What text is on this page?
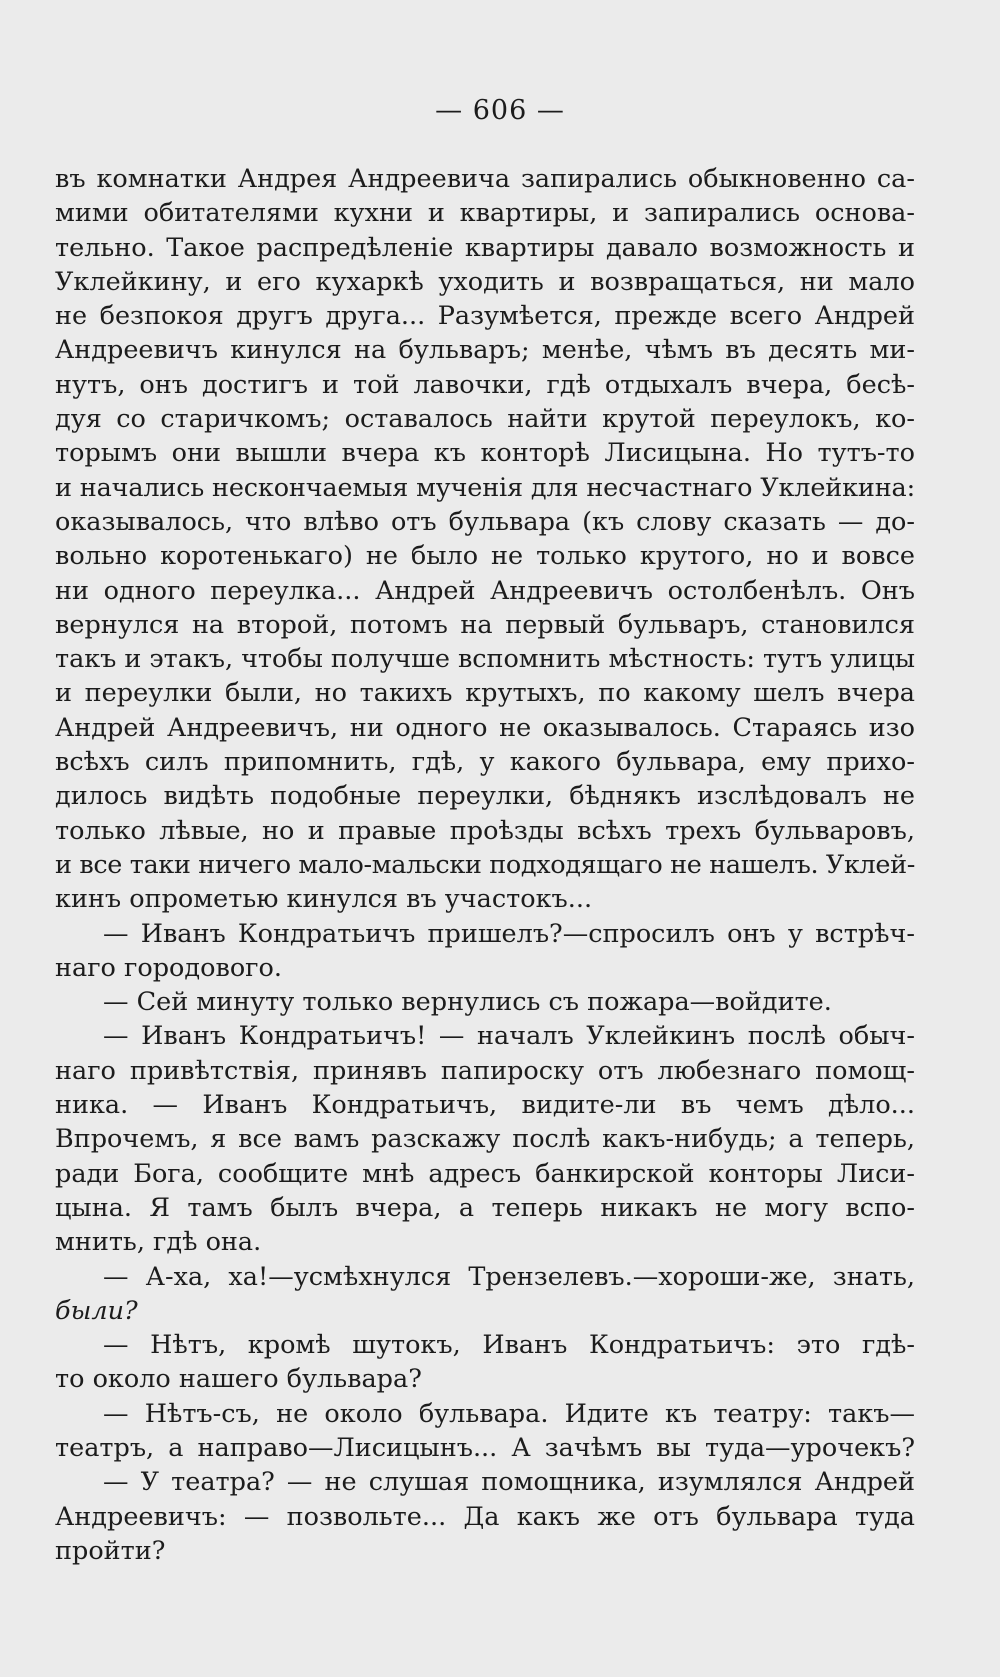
— 606 —
въ комнатки Андрея Андреевича запирались обыкновенно са-
мими обитателями кухни и квартиры, и запирались основа-
тельно. Такое распредѣленіе квартиры давало возможность и
Уклейкину, и его кухаркѣ уходить и возвращаться, ни мало
не безпокоя другъ друга... Разумѣется, прежде всего Андрей
Андреевичъ кинулся на бульваръ; менѣе, чѣмъ въ десять ми-
нутъ, онъ достигъ и той лавочки, гдѣ отдыхалъ вчера, бесѣ-
дуя со старичкомъ; оставалось найти крутой переулокъ, ко-
торымъ они вышли вчера къ конторѣ Лисицына. Но тутъ-то
и начались нескончаемыя мученія для несчастнаго Уклейкина:
оказывалось, что влѣво отъ бульвара (къ слову сказать — до-
вольно коротенькаго) не было не только крутого, но и вовсе
ни одного переулка... Андрей Андреевичъ остолбенѣлъ. Онъ
вернулся на второй, потомъ на первый бульваръ, становился
такъ и этакъ, чтобы получше вспомнить мѣстность: тутъ улицы
и переулки были, но такихъ крутыхъ, по какому шелъ вчера
Андрей Андреевичъ, ни одного не оказывалось. Стараясь изо
всѣхъ силъ припомнить, гдѣ, у какого бульвара, ему прихо-
дилось видѣть подобные переулки, бѣднякъ изслѣдовалъ не
только лѣвые, но и правые проѣзды всѣхъ трехъ бульваровъ,
и все таки ничего мало-мальски подходящаго не нашелъ. Уклей-
кинъ опрометью кинулся въ участокъ...
— Иванъ Кондратьичъ пришелъ?—спросилъ онъ у встрѣч-
наго городового.
— Сей минуту только вернулись съ пожара—войдите.
— Иванъ Кондратьичъ! — началъ Уклейкинъ послѣ обыч-
наго привѣтствія, принявъ папироску отъ любезнаго помощ-
ника. — Иванъ Кондратьичъ, видите-ли въ чемъ дѣло...
Впрочемъ, я все вамъ разскажу послѣ какъ-нибудь; а теперь,
ради Бога, сообщите мнѣ адресъ банкирской конторы Лиси-
цына. Я тамъ былъ вчера, а теперь никакъ не могу вспо-
мнить, гдѣ она.
— А-ха, ха!—усмѣхнулся Трензелевъ.—хороши-же, знать,
были?
— Нѣтъ, кромѣ шутокъ, Иванъ Кондратьичъ: это гдѣ-
то около нашего бульвара?
— Нѣтъ-съ, не около бульвара. Идите къ театру: такъ—
театръ, а направо—Лисицынъ... А зачѣмъ вы туда—урочекъ?
— У театра? — не слушая помощника, изумлялся Андрей
Андреевичъ: — позвольте... Да какъ же отъ бульвара туда
пройти?
